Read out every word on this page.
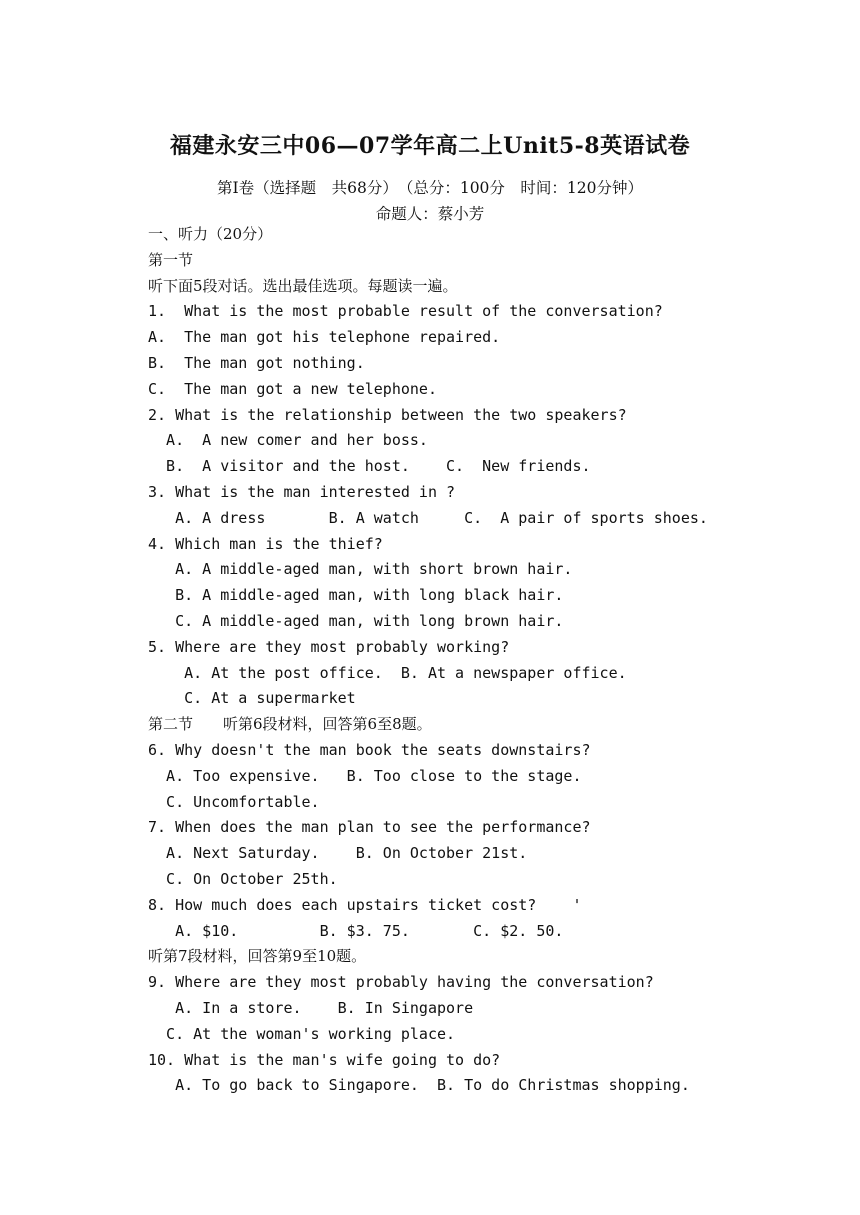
福建永安三中06—07学年高二上Unit5-8英语试卷
第I卷（选择题　共68分）　（总分：100分　时间：120分钟）
命题人：蔡小芳
一、听力（20分）
第一节
听下面5段对话。选出最佳选项。每题读一遍。
1.  What is the most probable result of the conversation?
A.  The man got his telephone repaired.
B.  The man got nothing.
C.  The man got a new telephone.
2. What is the relationship between the two speakers?
A.  A new comer and her boss.
B.  A visitor and the host.    C.  New friends.
3. What is the man interested in ?
A. A dress       B. A watch     C.  A pair of sports shoes.
4. Which man is the thief?
A. A middle-aged man, with short brown hair.
B. A middle-aged man, with long black hair.
C. A middle-aged man, with long brown hair.
5. Where are they most probably working?
A. At the post office.  B. At a newspaper office.
C. At a supermarket
第二节　　听第6段材料，回答第6至8题。
6. Why doesn't the man book the seats downstairs?
A. Too expensive.   B. Too close to the stage.
C. Uncomfortable.
7. When does the man plan to see the performance?
A. Next Saturday.    B. On October 21st.
C. On October 25th.
8. How much does each upstairs ticket cost?    '
A. $10.         B. $3. 75.       C. $2. 50.
听第7段材料，回答第9至10题。
9. Where are they most probably having the conversation?
A. In a store.    B. In Singapore
C. At the woman's working place.
10. What is the man's wife going to do?
A. To go back to Singapore.  B. To do Christmas shopping.
